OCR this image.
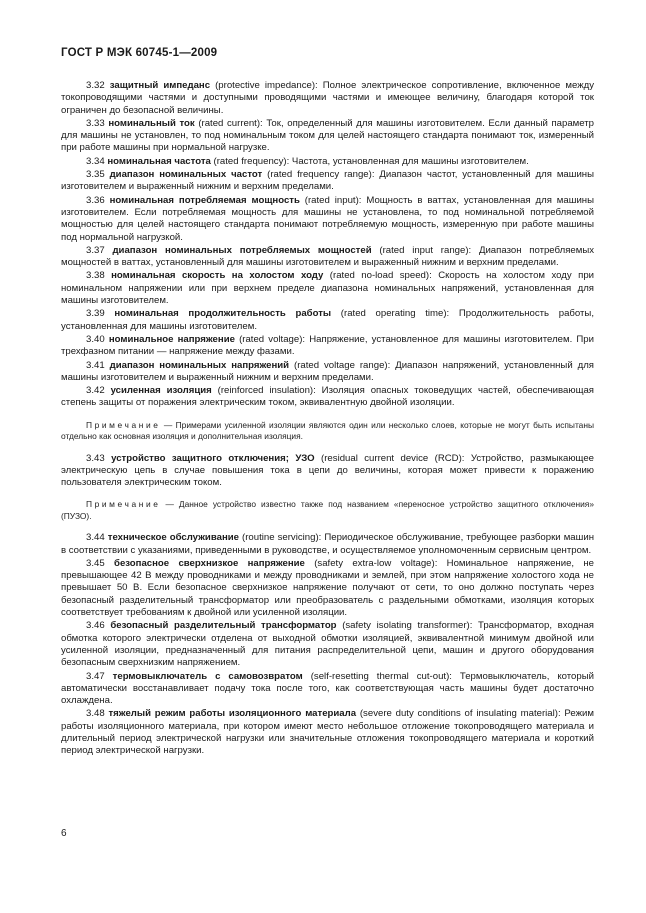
ГОСТ Р МЭК 60745-1—2009

3.32 защитный импеданс (protective impedance): Полное электрическое сопротивление, включенное между токопроводящими частями и доступными проводящими частями и имеющее величину, благодаря которой ток ограничен до безопасной величины.

3.33 номинальный ток (rated current): Ток, определенный для машины изготовителем. Если данный параметр для машины не установлен, то под номинальным током для целей настоящего стандарта понимают ток, измеренный при работе машины при нормальной нагрузке.

3.34 номинальная частота (rated frequency): Частота, установленная для машины изготовителем.

3.35 диапазон номинальных частот (rated frequency range): Диапазон частот, установленный для машины изготовителем и выраженный нижним и верхним пределами.

3.36 номинальная потребляемая мощность (rated input): Мощность в ваттах, установленная для машины изготовителем. Если потребляемая мощность для машины не установлена, то под номинальной потребляемой мощностью для целей настоящего стандарта понимают потребляемую мощность, измеренную при работе машины под нормальной нагрузкой.

3.37 диапазон номинальных потребляемых мощностей (rated input range): Диапазон потребляемых мощностей в ваттах, установленный для машины изготовителем и выраженный нижним и верхним пределами.

3.38 номинальная скорость на холостом ходу (rated no-load speed): Скорость на холостом ходу при номинальном напряжении или при верхнем пределе диапазона номинальных напряжений, установленная для машины изготовителем.

3.39 номинальная продолжительность работы (rated operating time): Продолжительность работы, установленная для машины изготовителем.

3.40 номинальное напряжение (rated voltage): Напряжение, установленное для машины изготовителем. При трехфазном питании — напряжение между фазами.

3.41 диапазон номинальных напряжений (rated voltage range): Диапазон напряжений, установленный для машины изготовителем и выраженный нижним и верхним пределами.

3.42 усиленная изоляция (reinforced insulation): Изоляция опасных токоведущих частей, обеспечивающая степень защиты от поражения электрическим током, эквивалентную двойной изоляции.

Примечание — Примерами усиленной изоляции являются один или несколько слоев, которые не могут быть испытаны отдельно как основная изоляция и дополнительная изоляция.

3.43 устройство защитного отключения; УЗО (residual current device (RCD): Устройство, размыкающее электрическую цепь в случае повышения тока в цепи до величины, которая может привести к поражению пользователя электрическим током.

Примечание — Данное устройство известно также под названием «переносное устройство защитного отключения» (ПУЗО).

3.44 техническое обслуживание (routine servicing): Периодическое обслуживание, требующее разборки машин в соответствии с указаниями, приведенными в руководстве, и осуществляемое уполномоченным сервисным центром.

3.45 безопасное сверхнизкое напряжение (safety extra-low voltage): Номинальное напряжение, не превышающее 42 В между проводниками и между проводниками и землей, при этом напряжение холостого хода не превышает 50 В. Если безопасное сверхнизкое напряжение получают от сети, то оно должно поступать через безопасный разделительный трансформатор или преобразователь с раздельными обмотками, изоляция которых соответствует требованиям к двойной или усиленной изоляции.

3.46 безопасный разделительный трансформатор (safety isolating transformer): Трансформатор, входная обмотка которого электрически отделена от выходной обмотки изоляцией, эквивалентной минимум двойной или усиленной изоляции, предназначенный для питания распределительной цепи, машин и другого оборудования безопасным сверхнизким напряжением.

3.47 термовыключатель с самовозвратом (self-resetting thermal cut-out): Термовыключатель, который автоматически восстанавливает подачу тока после того, как соответствующая часть машины будет достаточно охлаждена.

3.48 тяжелый режим работы изоляционного материала (severe duty conditions of insulating material): Режим работы изоляционного материала, при котором имеют место небольшое отложение токопроводящего материала и длительный период электрической нагрузки или значительные отложения токопроводящего материала и короткий период электрической нагрузки.

6
